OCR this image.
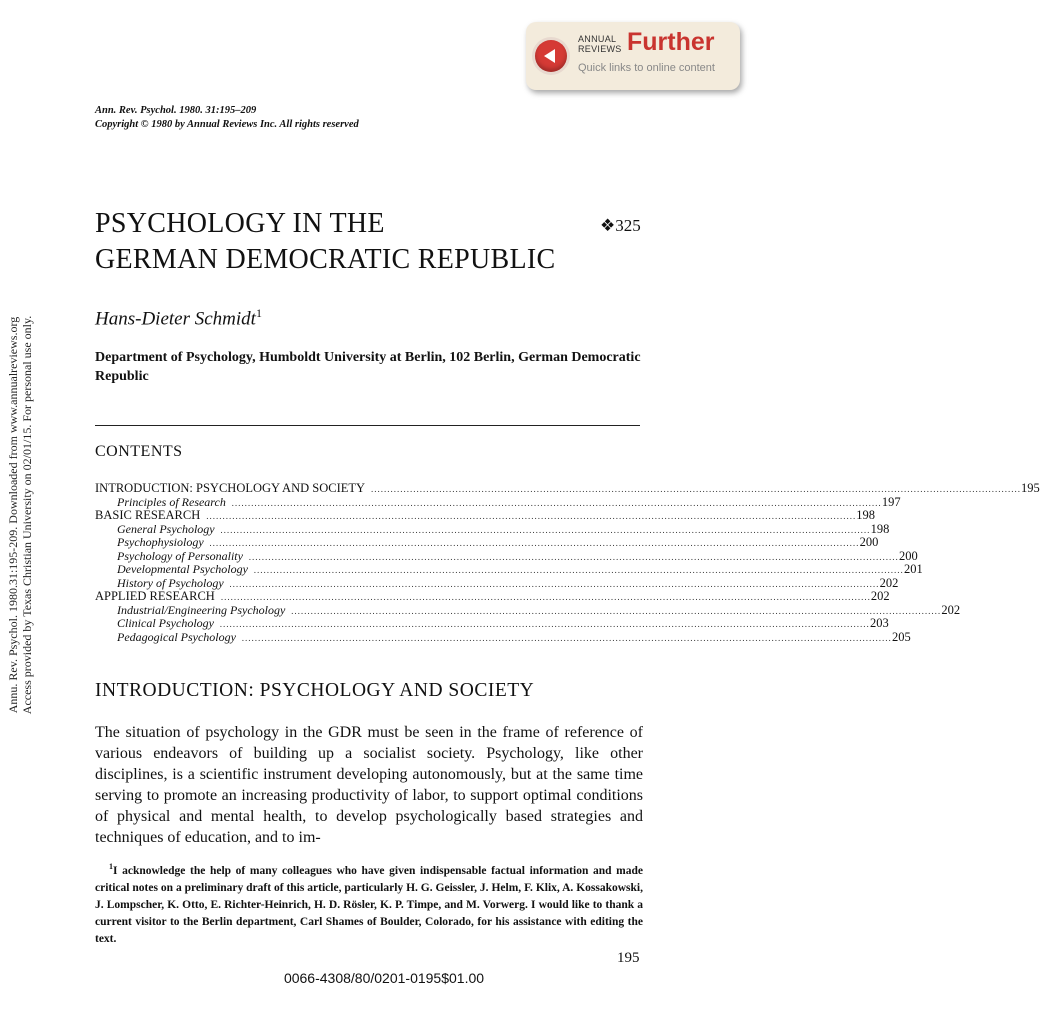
Annu. Rev. Psychol. 1980.31:195-209. Downloaded from www.annualreviews.org Access provided by Texas Christian University on 02/01/15. For personal use only.
ANNUAL
REVIEWS Further
Quick links to online content
Ann. Rev. Psychol. 1980. 31:195–209
Copyright © 1980 by Annual Reviews Inc. All rights reserved
PSYCHOLOGY IN THE
GERMAN DEMOCRATIC REPUBLIC
❖325
Hans-Dieter Schmidt$^1$
Department of Psychology, Humboldt University at Berlin, 102 Berlin, German Democratic Republic
CONTENTS
INTRODUCTION: PSYCHOLOGY AND SOCIETY ........................................................................................................................................................................................................ 195
Principles of Research ........................................................................................................................................................................................................ 197
BASIC RESEARCH ........................................................................................................................................................................................................ 198
General Psychology ........................................................................................................................................................................................................ 198
Psychophysiology ........................................................................................................................................................................................................ 200
Psychology of Personality ........................................................................................................................................................................................................ 200
Developmental Psychology ........................................................................................................................................................................................................ 201
History of Psychology ........................................................................................................................................................................................................ 202
APPLIED RESEARCH ........................................................................................................................................................................................................ 202
Industrial/Engineering Psychology ........................................................................................................................................................................................................ 202
Clinical Psychology ........................................................................................................................................................................................................ 203
Pedagogical Psychology ........................................................................................................................................................................................................ 205
INTRODUCTION: PSYCHOLOGY AND SOCIETY
The situation of psychology in the GDR must be seen in the frame of reference of various endeavors of building up a socialist society. Psychology, like other disciplines, is a scientific instrument developing autonomously, but at the same time serving to promote an increasing productivity of labor, to support optimal conditions of physical and mental health, to develop psychologically based strategies and techniques of education, and to im-
$^1$I acknowledge the help of many colleagues who have given indispensable factual information and made critical notes on a preliminary draft of this article, particularly H. G. Geissler, J. Helm, F. Klix, A. Kossakowski, J. Lompscher, K. Otto, E. Richter-Heinrich, H. D. Rösler, K. P. Timpe, and M. Vorwerg. I would like to thank a current visitor to the Berlin department, Carl Shames of Boulder, Colorado, for his assistance with editing the text.
195
0066-4308/80/0201-0195$01.00
